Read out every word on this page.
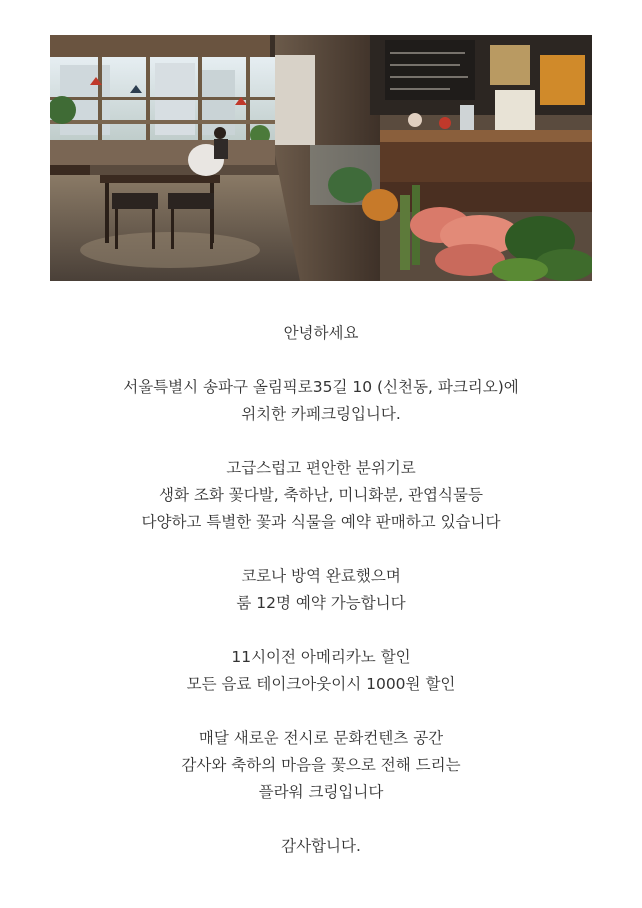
안녕하세요
서울특별시 송파구 올림픽로35길 10 (신천동, 파크리오)에
위치한 카페크링입니다.
고급스럽고 편안한 분위기로
생화 조화 꽃다발, 축하난, 미니화분, 관엽식물등
다양하고 특별한 꽃과 식물을 예약 판매하고 있습니다
코로나 방역 완료했으며
룸 12명 예약 가능합니다
11시이전 아메리카노 할인
모든 음료 테이크아웃이시 1000원 할인
매달 새로운 전시로 문화컨텐츠 공간
감사와 축하의 마음을 꽃으로 전해 드리는
플라워 크링입니다
감사합니다.
